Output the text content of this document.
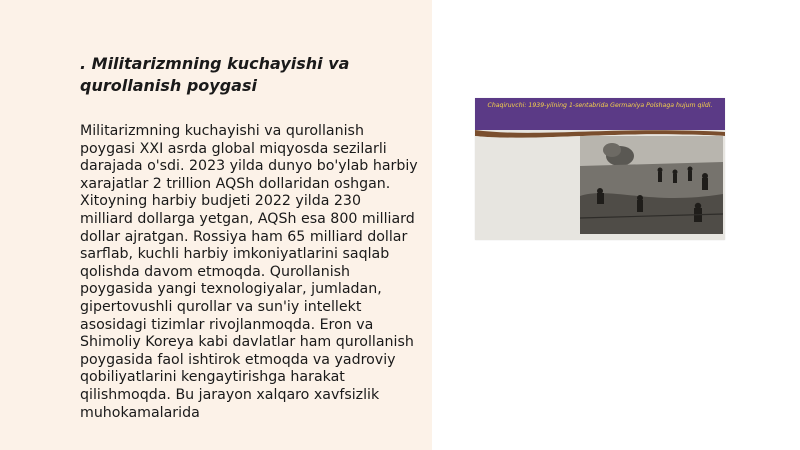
. Militarizmning kuchayishi va qurollanish poygasi

Militarizmning kuchayishi va qurollanish poygasi XXI asrda global miqyosda sezilarli darajada o'sdi. 2023 yilda dunyo bo'ylab harbiy xarajatlar 2 trillion AQSh dollaridan oshgan. Xitoyning harbiy budjeti 2022 yilda 230 milliard dollarga yetgan, AQSh esa 800 milliard dollar ajratgan. Rossiya ham 65 milliard dollar sarflab, kuchli harbiy imkoniyatlarini saqlab qolishda davom etmoqda. Qurollanish poygasida yangi texnologiyalar, jumladan, gipertovushli qurollar va sun'iy intellekt asosidagi tizimlar rivojlanmoqda. Eron va Shimoliy Koreya kabi davlatlar ham qurollanish poygasida faol ishtirok etmoqda va yadroviy qobiliyatlarini kengaytirishga harakat qilishmoqda. Bu jarayon xalqaro xavfsizlik muhokamalarida

Chaqiruvchi: 1939-yilning 1-sentabrida Germaniya Polshaga hujum qildi.
